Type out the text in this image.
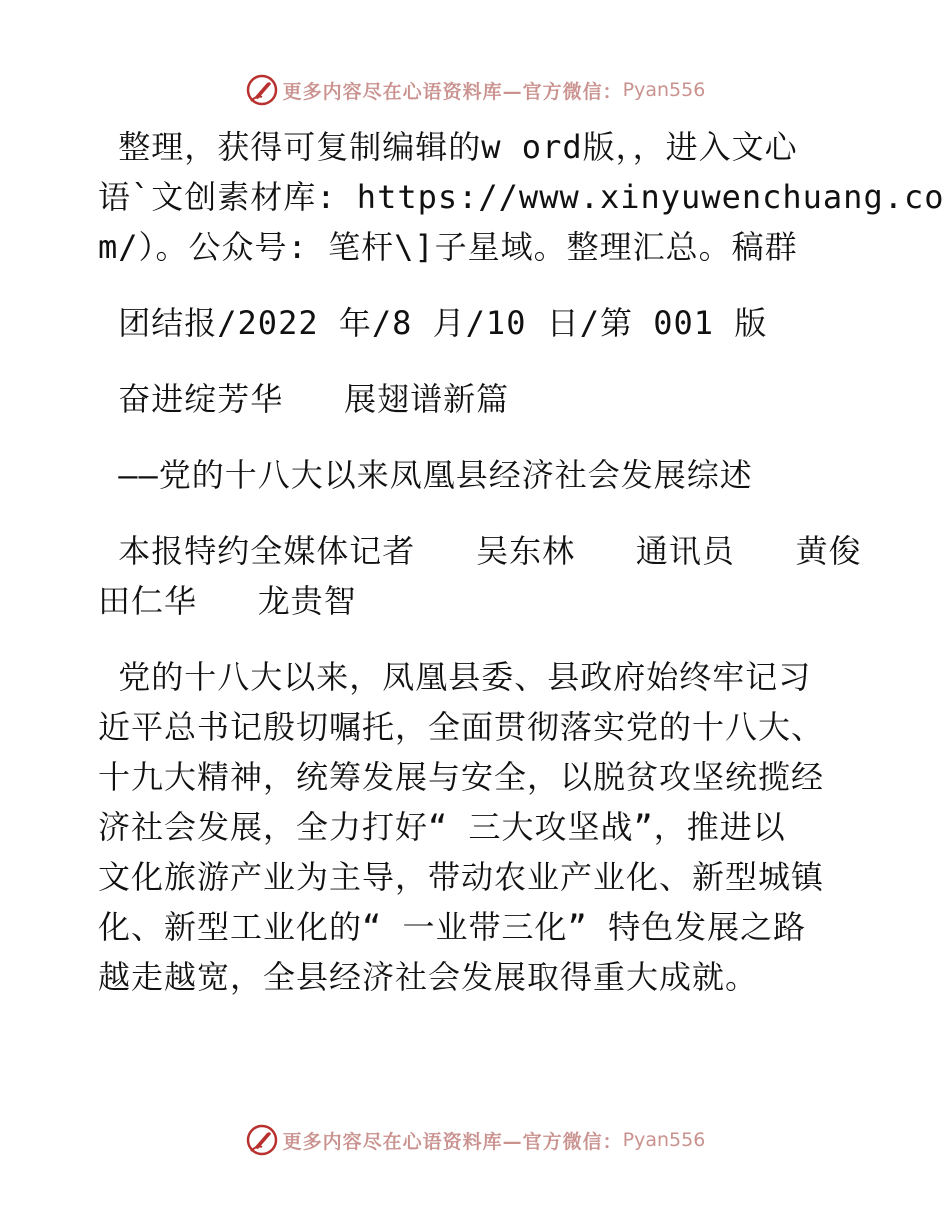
更多内容尽在心语资料库—官方微信： Pyan556
整理，获得可复制编辑的w ord版，，进入文心
语`文创素材库: https://www.xinyuwenchuang.co
m/）。公众号: 笔杆\]子星域。整理汇总。稿群
团结报/2022 年/8 月/10 日/第 001 版
奋进绽芳华   展翅谱新篇
——党的十八大以来凤凰县经济社会发展综述
本报特约全媒体记者   吴东林   通讯员   黄俊
田仁华   龙贵智
党的十八大以来，凤凰县委、县政府始终牢记习
近平总书记殷切嘱托，全面贯彻落实党的十八大、
十九大精神，统筹发展与安全，以脱贫攻坚统揽经
济社会发展，全力打好“ 三大攻坚战”，推进以
文化旅游产业为主导，带动农业产业化、新型城镇
化、新型工业化的“ 一业带三化” 特色发展之路
越走越宽，全县经济社会发展取得重大成就。
更多内容尽在心语资料库—官方微信： Pyan556
